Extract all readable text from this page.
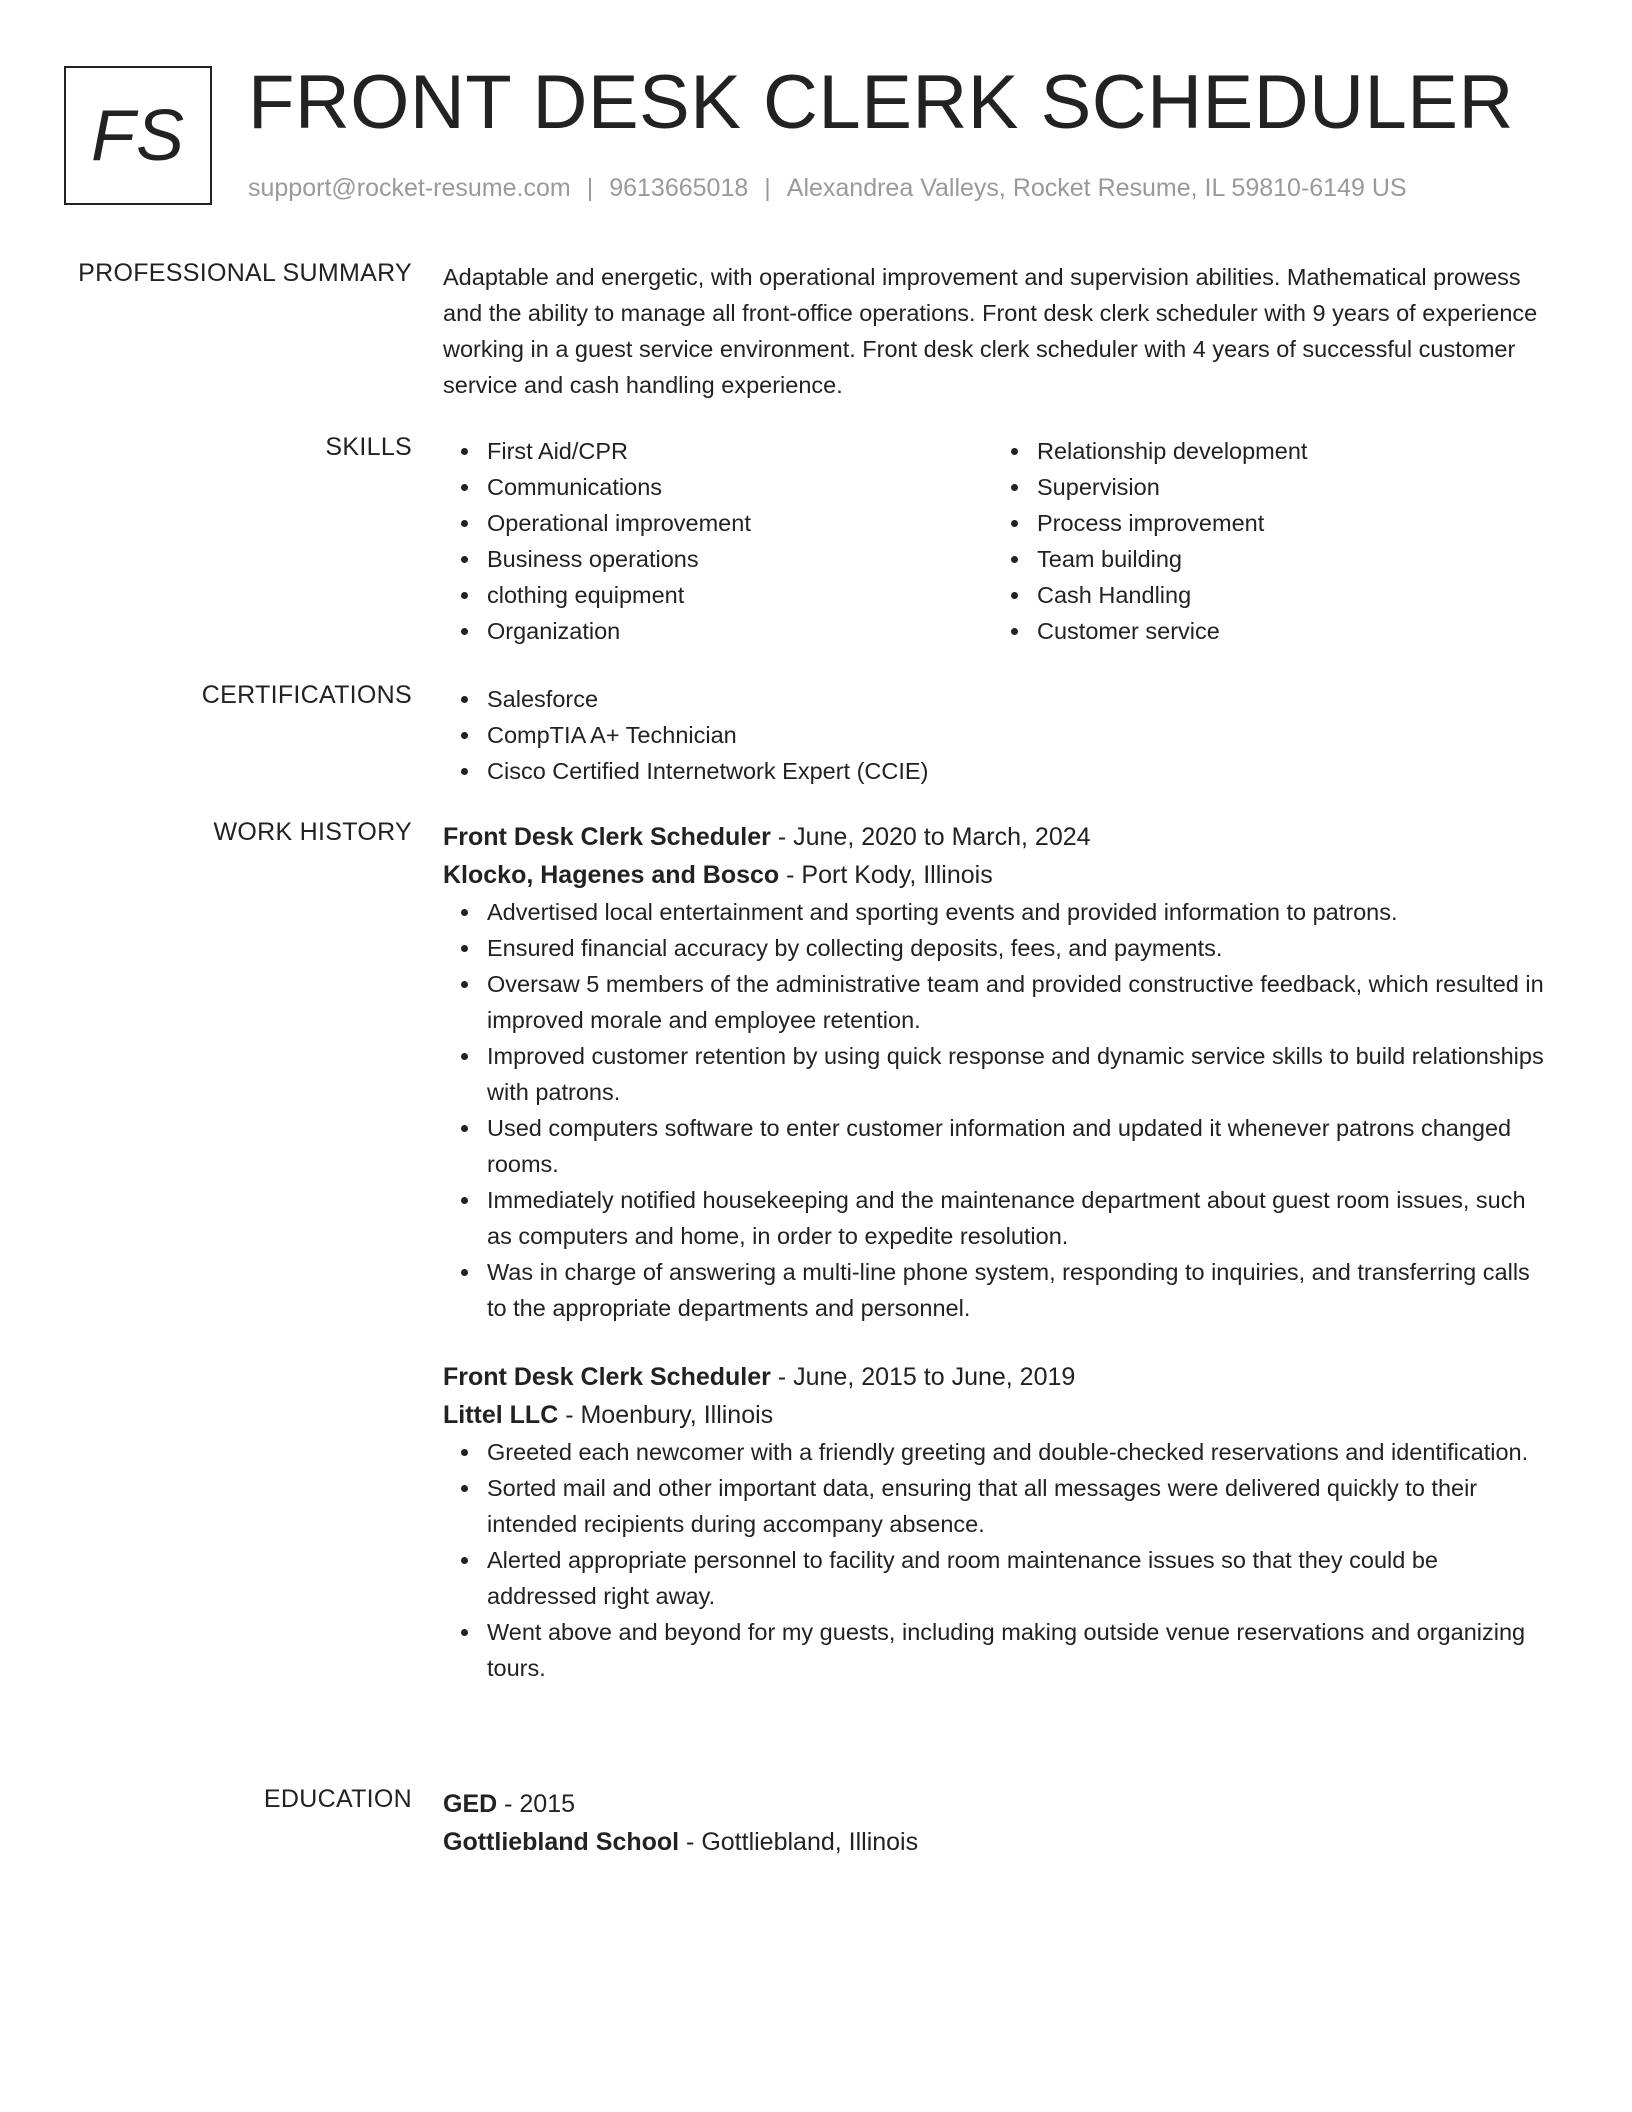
FS FRONT DESK CLERK SCHEDULER
support@rocket-resume.com | 9613665018 | Alexandrea Valleys, Rocket Resume, IL 59810-6149 US
PROFESSIONAL SUMMARY Adaptable and energetic, with operational improvement and supervision abilities. Mathematical prowess and the ability to manage all front-office operations. Front desk clerk scheduler with 9 years of experience working in a guest service environment. Front desk clerk scheduler with 4 years of successful customer service and cash handling experience.
SKILLS	First Aid/CPR
Communications
Operational improvement
Business operations
clothing equipment
Organization
Relationship development
Supervision
Process improvement
Team building
Cash Handling
Customer service
CERTIFICATIONS	Salesforce
CompTIA A+ Technician
Cisco Certified Internetwork Expert (CCIE)
WORK HISTORY Front Desk Clerk Scheduler - June, 2020 to March, 2024
Klocko, Hagenes and Bosco - Port Kody, Illinois
Advertised local entertainment and sporting events and provided information to patrons.
Ensured financial accuracy by collecting deposits, fees, and payments.
Oversaw 5 members of the administrative team and provided constructive feedback, which resulted in improved morale and employee retention.
Improved customer retention by using quick response and dynamic service skills to build relationships with patrons.
Used computers software to enter customer information and updated it whenever patrons changed rooms.
Immediately notified housekeeping and the maintenance department about guest room issues, such as computers and home, in order to expedite resolution.
Was in charge of answering a multi-line phone system, responding to inquiries, and transferring calls to the appropriate departments and personnel.
Front Desk Clerk Scheduler - June, 2015 to June, 2019
Littel LLC - Moenbury, Illinois
Greeted each newcomer with a friendly greeting and double-checked reservations and identification.
Sorted mail and other important data, ensuring that all messages were delivered quickly to their intended recipients during accompany absence.
Alerted appropriate personnel to facility and room maintenance issues so that they could be addressed right away.
Went above and beyond for my guests, including making outside venue reservations and organizing tours.
EDUCATION GED - 2015
Gottliebland School - Gottliebland, Illinois
